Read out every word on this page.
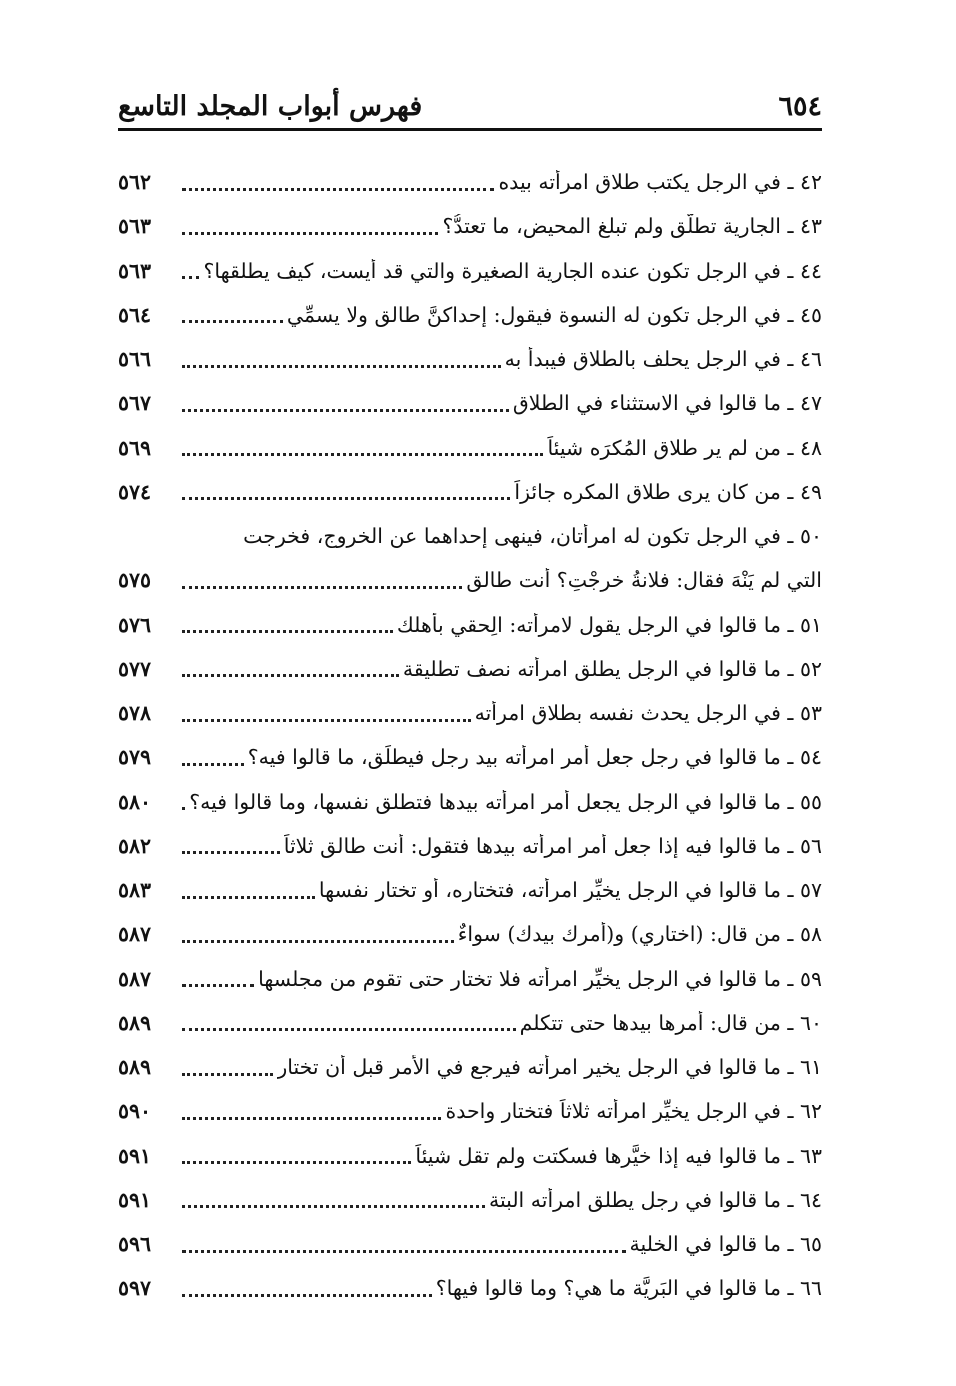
٦٥٤
فهرس أبواب المجلد التاسع
٤٢ ـ في الرجل يكتب طلاق امرأته بيده
٥٦٢
٤٣ ـ الجارية تطلَّق ولم تبلغ المحيض، ما تعتدُّ؟
٥٦٣
٤٤ ـ في الرجل تكون عنده الجارية الصغيرة والتي قد أيست، كيف يطلقها؟
٥٦٣
٤٥ ـ في الرجل تكون له النسوة فيقول: إحداكنَّ طالق ولا يسمِّي
٥٦٤
٤٦ ـ في الرجل يحلف بالطلاق فيبدأ به
٥٦٦
٤٧ ـ ما قالوا في الاستثناء في الطلاق
٥٦٧
٤٨ ـ من لم ير طلاق المُكرَه شيئاً
٥٦٩
٤٩ ـ من كان يرى طلاق المكره جائزاً
٥٧٤
٥٠ ـ في الرجل تكون له امرأتان، فينهى إحداهما عن الخروج، فخرجت
التي لم يَنْهَ فقال: فلانةُ خرجْتِ؟ أنت طالق
٥٧٥
٥١ ـ ما قالوا في الرجل يقول لامرأته: الِحقي بأهلك
٥٧٦
٥٢ ـ ما قالوا في الرجل يطلق امرأته نصف تطليقة
٥٧٧
٥٣ ـ في الرجل يحدث نفسه بطلاق امرأته
٥٧٨
٥٤ ـ ما قالوا في رجل جعل أمر امرأته بيد رجل فيطلِّق، ما قالوا فيه؟
٥٧٩
٥٥ ـ ما قالوا في الرجل يجعل أمر امرأته بيدها فتطلق نفسها، وما قالوا فيه؟
٥٨٠
٥٦ ـ ما قالوا فيه إذا جعل أمر امرأته بيدها فتقول: أنت طالق ثلاثاً
٥٨٢
٥٧ ـ ما قالوا في الرجل يخيِّر امرأته، فتختاره، أو تختار نفسها
٥٨٣
٥٨ ـ من قال: (اختاري) و(أمرك بيدك) سواءٌ
٥٨٧
٥٩ ـ ما قالوا في الرجل يخيِّر امرأته فلا تختار حتى تقوم من مجلسها
٥٨٧
٦٠ ـ من قال: أمرها بيدها حتى تتكلم
٥٨٩
٦١ ـ ما قالوا في الرجل يخير امرأته فيرجع في الأمر قبل أن تختار
٥٨٩
٦٢ ـ في الرجل يخيِّر امرأته ثلاثاً فتختار واحدة
٥٩٠
٦٣ ـ ما قالوا فيه إذا خيَّرها فسكتت ولم تقل شيئاً
٥٩١
٦٤ ـ ما قالوا في رجل يطلق امرأته البتة
٥٩١
٦٥ ـ ما قالوا في الخلية
٥٩٦
٦٦ ـ ما قالوا في البَرِيَّة ما هي؟ وما قالوا فيها؟
٥٩٧
